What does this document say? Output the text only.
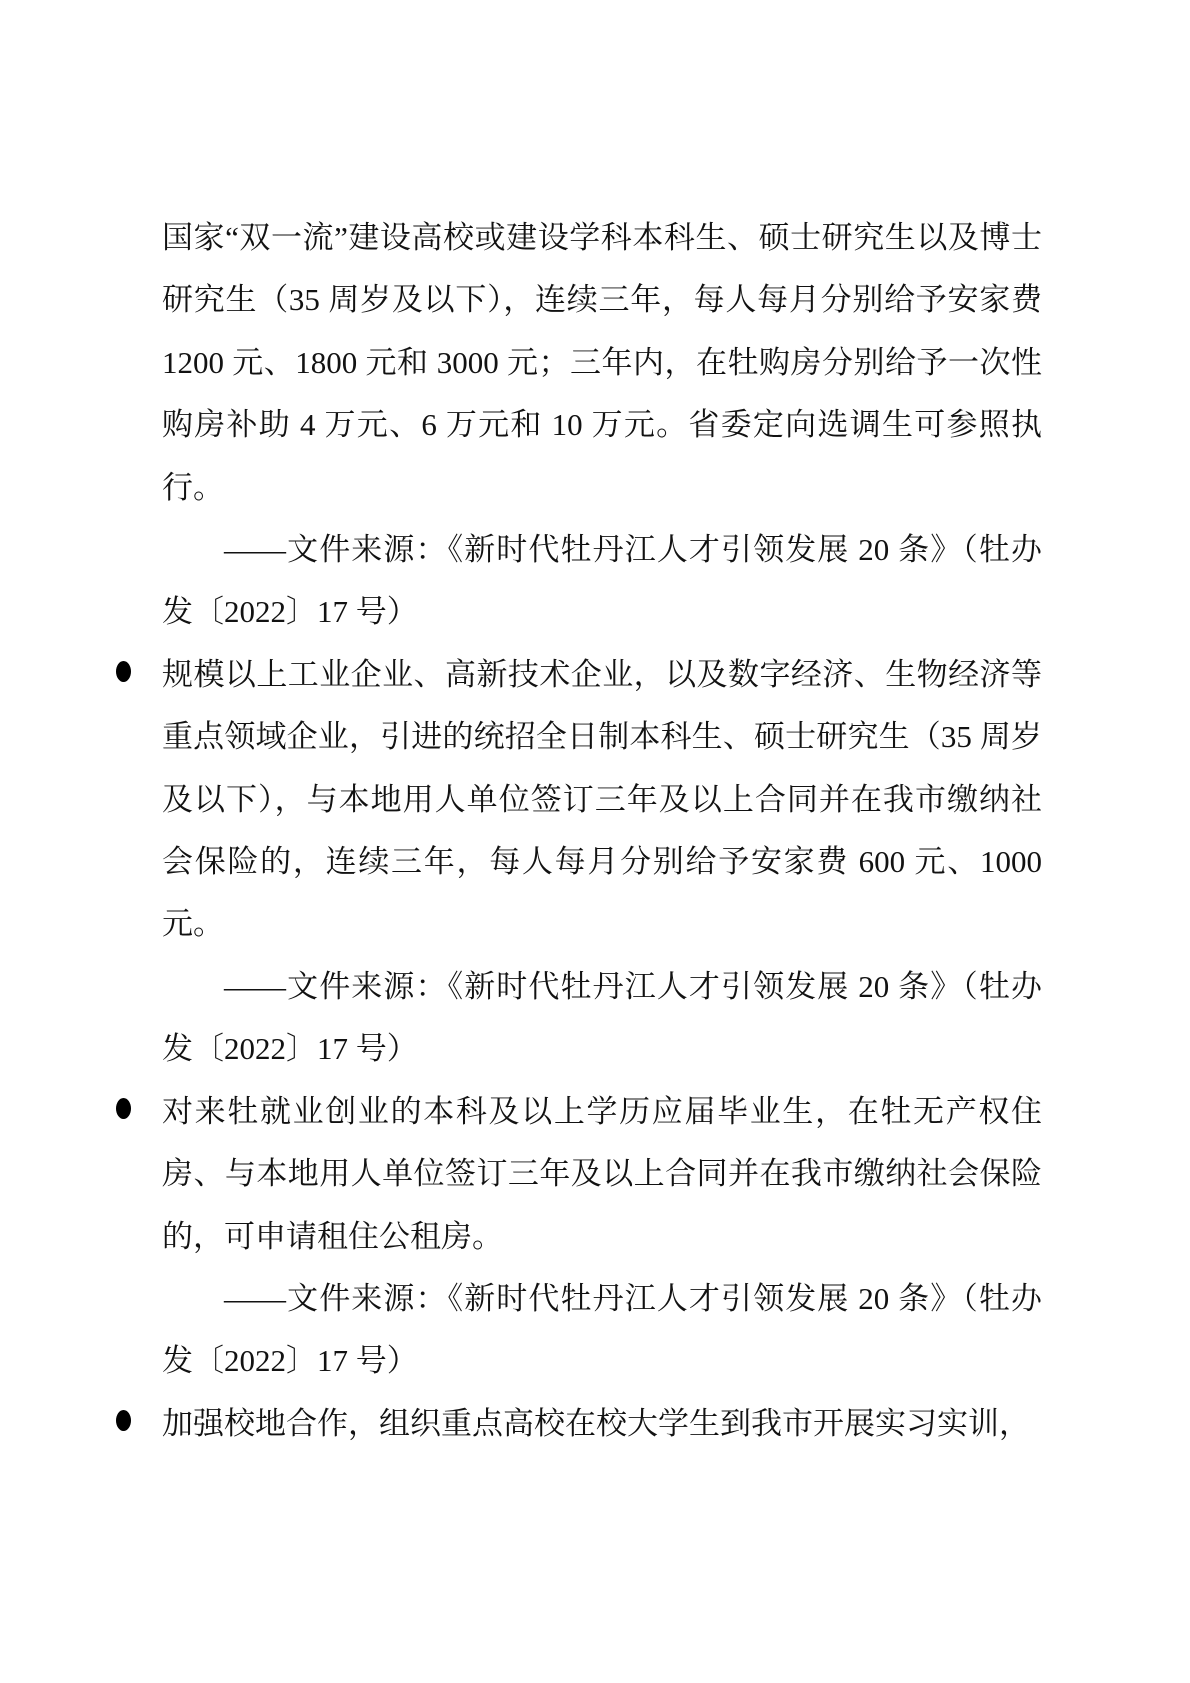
国家“双一流”建设高校或建设学科本科生、硕士研究生以及博士研究生（35 周岁及以下），连续三年，每人每月分别给予安家费 1200 元、1800 元和 3000 元；三年内，在牡购房分别给予一次性购房补助 4 万元、6 万元和 10 万元。省委定向选调生可参照执行。

——文件来源：《新时代牡丹江人才引领发展 20 条》（牡办发〔2022〕17 号）

规模以上工业企业、高新技术企业，以及数字经济、生物经济等重点领域企业，引进的统招全日制本科生、硕士研究生（35 周岁及以下），与本地用人单位签订三年及以上合同并在我市缴纳社会保险的，连续三年，每人每月分别给予安家费 600 元、1000 元。

——文件来源：《新时代牡丹江人才引领发展 20 条》（牡办发〔2022〕17 号）

对来牡就业创业的本科及以上学历应届毕业生，在牡无产权住房、与本地用人单位签订三年及以上合同并在我市缴纳社会保险的，可申请租住公租房。

——文件来源：《新时代牡丹江人才引领发展 20 条》（牡办发〔2022〕17 号）

加强校地合作，组织重点高校在校大学生到我市开展实习实训，
